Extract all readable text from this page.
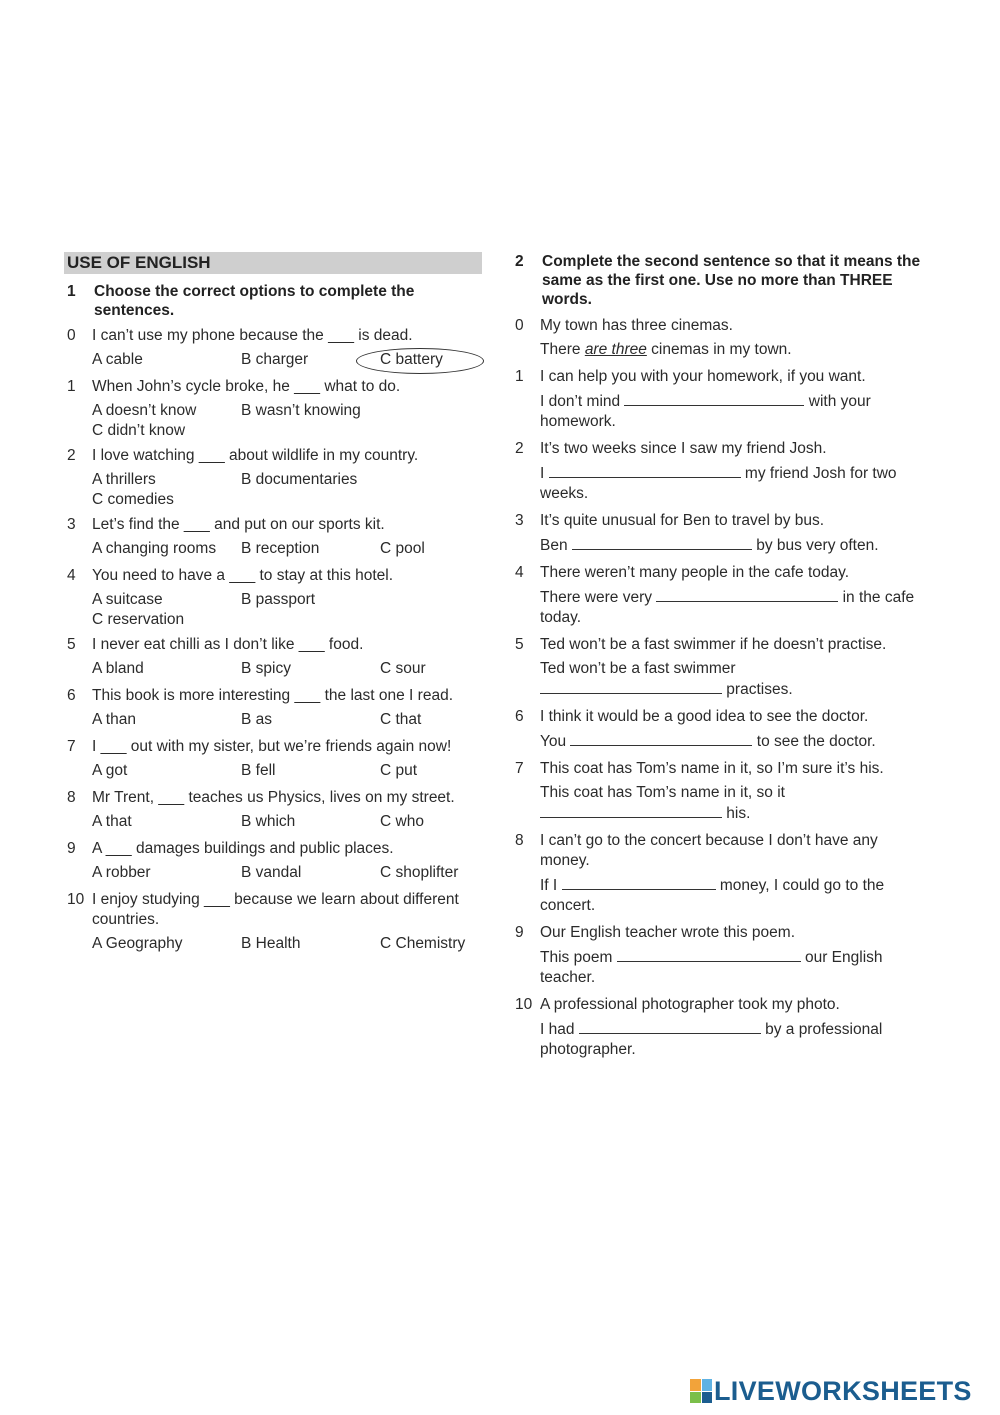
USE OF ENGLISH
1	Choose the correct options to complete the sentences.
0	I can’t use my phone because the ___ is dead.
A cable	B charger	C battery
1	When John’s cycle broke, he ___ what to do.
A doesn’t know	B wasn’t knowing
C didn’t know
2	I love watching ___ about wildlife in my country.
A thrillers	B documentaries
C comedies
3	Let’s find the ___ and put on our sports kit.
A changing rooms B reception	C pool
4	You need to have a ___ to stay at this hotel.
A suitcase	B passport
C reservation
5	I never eat chilli as I don’t like ___ food.
A bland	B spicy	C sour
6	This book is more interesting ___ the last one I read.
A than	B as	C that
7	I ___ out with my sister, but we’re friends again now!
A got	B fell	C put
8	Mr Trent, ___ teaches us Physics, lives on my street.
A that	B which	C who
9	A ___ damages buildings and public places.
A robber	B vandal	C shoplifter
10 I enjoy studying ___ because we learn about different countries.
A Geography	B Health	C Chemistry
2	Complete the second sentence so that it means the same as the first one. Use no more than THREE words.
0	My town has three cinemas.
There are three cinemas in my town.
1	I can help you with your homework, if you want.
I don’t mind	with your homework.
2	It’s two weeks since I saw my friend Josh.
I	my friend Josh for two weeks.
3	It’s quite unusual for Ben to travel by bus.
Ben	by bus very often.
4	There weren’t many people in the cafe today.
There were very	in the cafe today.
5	Ted won’t be a fast swimmer if he doesn’t practise.
Ted won’t be a fast swimmer
practises.
6	I think it would be a good idea to see the doctor.
You	to see the doctor.
7	This coat has Tom’s name in it, so I’m sure it’s his.
This coat has Tom’s name in it, so it
his.
8	I can’t go to the concert because I don’t have any money.
If I	money, I could go to the concert.
9	Our English teacher wrote this poem.
This poem	our English teacher.
10 A professional photographer took my photo.
I had	by a professional photographer.
LIVEWORKSHEETS
